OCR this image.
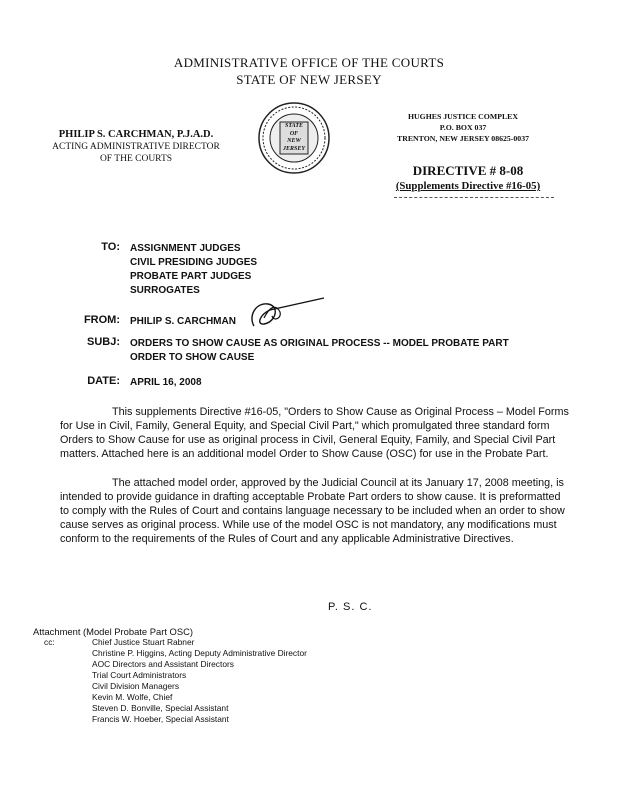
ADMINISTRATIVE OFFICE OF THE COURTS
STATE OF NEW JERSEY
PHILIP S. CARCHMAN, P.J.A.D.
ACTING ADMINISTRATIVE DIRECTOR
OF THE COURTS
STATE
OF
NEW
JERSEY
HUGHES JUSTICE COMPLEX
P.O. BOX 037
TRENTON, NEW JERSEY 08625-0037
DIRECTIVE # 8-08
(Supplements Directive #16-05)
TO: ASSIGNMENT JUDGES
CIVIL PRESIDING JUDGES
PROBATE PART JUDGES
SURROGATES
FROM: PHILIP S. CARCHMAN
SUBJ: ORDERS TO SHOW CAUSE AS ORIGINAL PROCESS -- MODEL PROBATE PART
ORDER TO SHOW CAUSE
DATE: APRIL 16, 2008
This supplements Directive #16-05, "Orders to Show Cause as Original Process – Model Forms for Use in Civil, Family, General Equity, and Special Civil Part," which promulgated three standard form Orders to Show Cause for use as original process in Civil, General Equity, Family, and Special Civil Part matters. Attached here is an additional model Order to Show Cause (OSC) for use in the Probate Part.
The attached model order, approved by the Judicial Council at its January 17, 2008 meeting, is intended to provide guidance in drafting acceptable Probate Part orders to show cause. It is preformatted to comply with the Rules of Court and contains language necessary to be included when an order to show cause serves as original process. While use of the model OSC is not mandatory, any modifications must conform to the requirements of the Rules of Court and any applicable Administrative Directives.
P. S. C.
Attachment (Model Probate Part OSC)
cc:	Chief Justice Stuart Rabner
Christine P. Higgins, Acting Deputy Administrative Director
AOC Directors and Assistant Directors
Trial Court Administrators
Civil Division Managers
Kevin M. Wolfe, Chief
Steven D. Bonville, Special Assistant
Francis W. Hoeber, Special Assistant
